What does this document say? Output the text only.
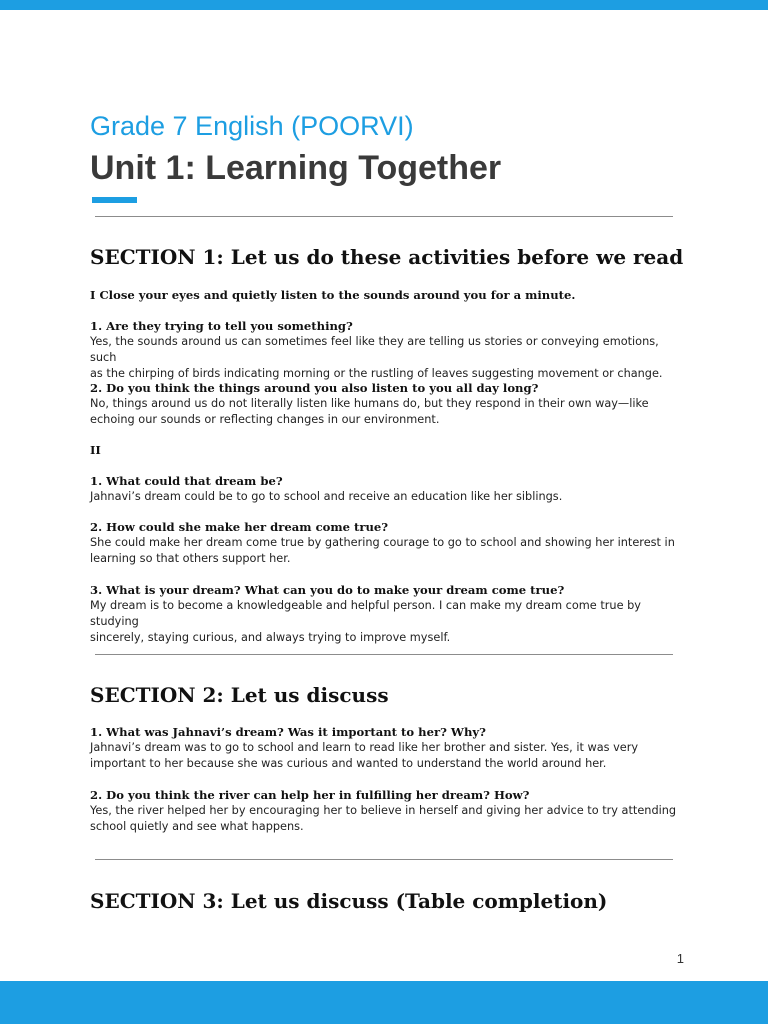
Grade 7 English (POORVI)
Unit 1: Learning Together
SECTION 1: Let us do these activities before we read

I Close your eyes and quietly listen to the sounds around you for a minute.

1. Are they trying to tell you something?

Yes, the sounds around us can sometimes feel like they are telling us stories or conveying emotions, such
as the chirping of birds indicating morning or the rustling of leaves suggesting movement or change.

2. Do you think the things around you also listen to you all day long?

No, things around us do not literally listen like humans do, but they respond in their own way—like
echoing our sounds or reflecting changes in our environment.

II

1. What could that dream be?

Jahnavi’s dream could be to go to school and receive an education like her siblings.

2. How could she make her dream come true?

She could make her dream come true by gathering courage to go to school and showing her interest in
learning so that others support her.

3. What is your dream? What can you do to make your dream come true?

My dream is to become a knowledgeable and helpful person. I can make my dream come true by studying
sincerely, staying curious, and always trying to improve myself.

SECTION 2: Let us discuss

1. What was Jahnavi’s dream? Was it important to her? Why?

Jahnavi’s dream was to go to school and learn to read like her brother and sister. Yes, it was very
important to her because she was curious and wanted to understand the world around her.

2. Do you think the river can help her in fulfilling her dream? How?

Yes, the river helped her by encouraging her to believe in herself and giving her advice to try attending
school quietly and see what happens.

SECTION 3: Let us discuss (Table completion)
1
